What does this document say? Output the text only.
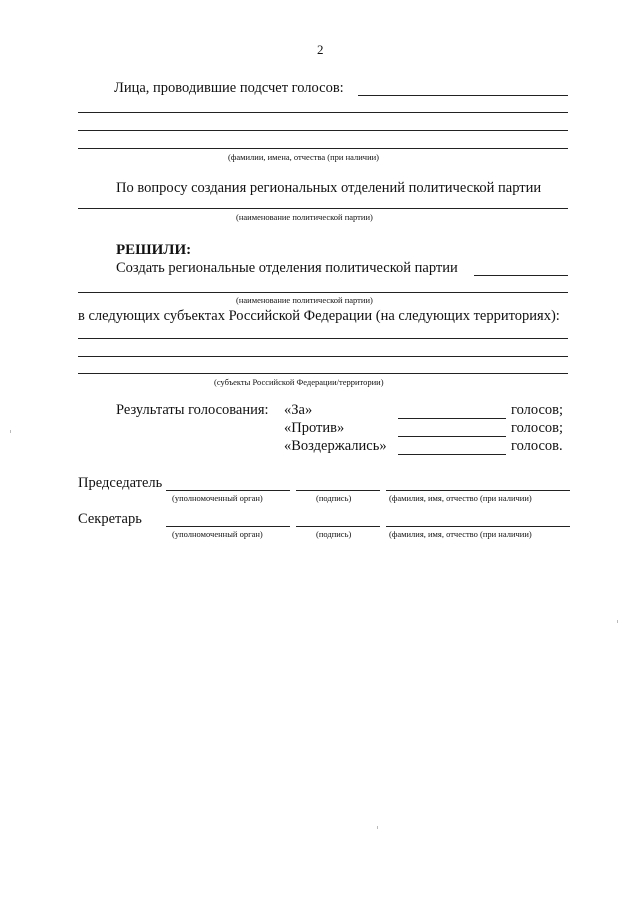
2
Лица, проводившие подсчет голосов:
(фамилии, имена, отчества (при наличии)
По вопросу создания региональных отделений политической партии
(наименование политической партии)
РЕШИЛИ:
Создать региональные отделения политической партии
(наименование политической партии)
в следующих субъектах Российской Федерации (на следующих территориях):
(субъекты Российской Федерации/территории)
Результаты голосования: «За»	голосов;
«Против»	голосов;
«Воздержались»	голосов.
Председатель
(уполномоченный орган)	(подпись)	(фамилия, имя, отчество (при наличии)
Секретарь
(уполномоченный орган)	(подпись)	(фамилия, имя, отчество (при наличии)
